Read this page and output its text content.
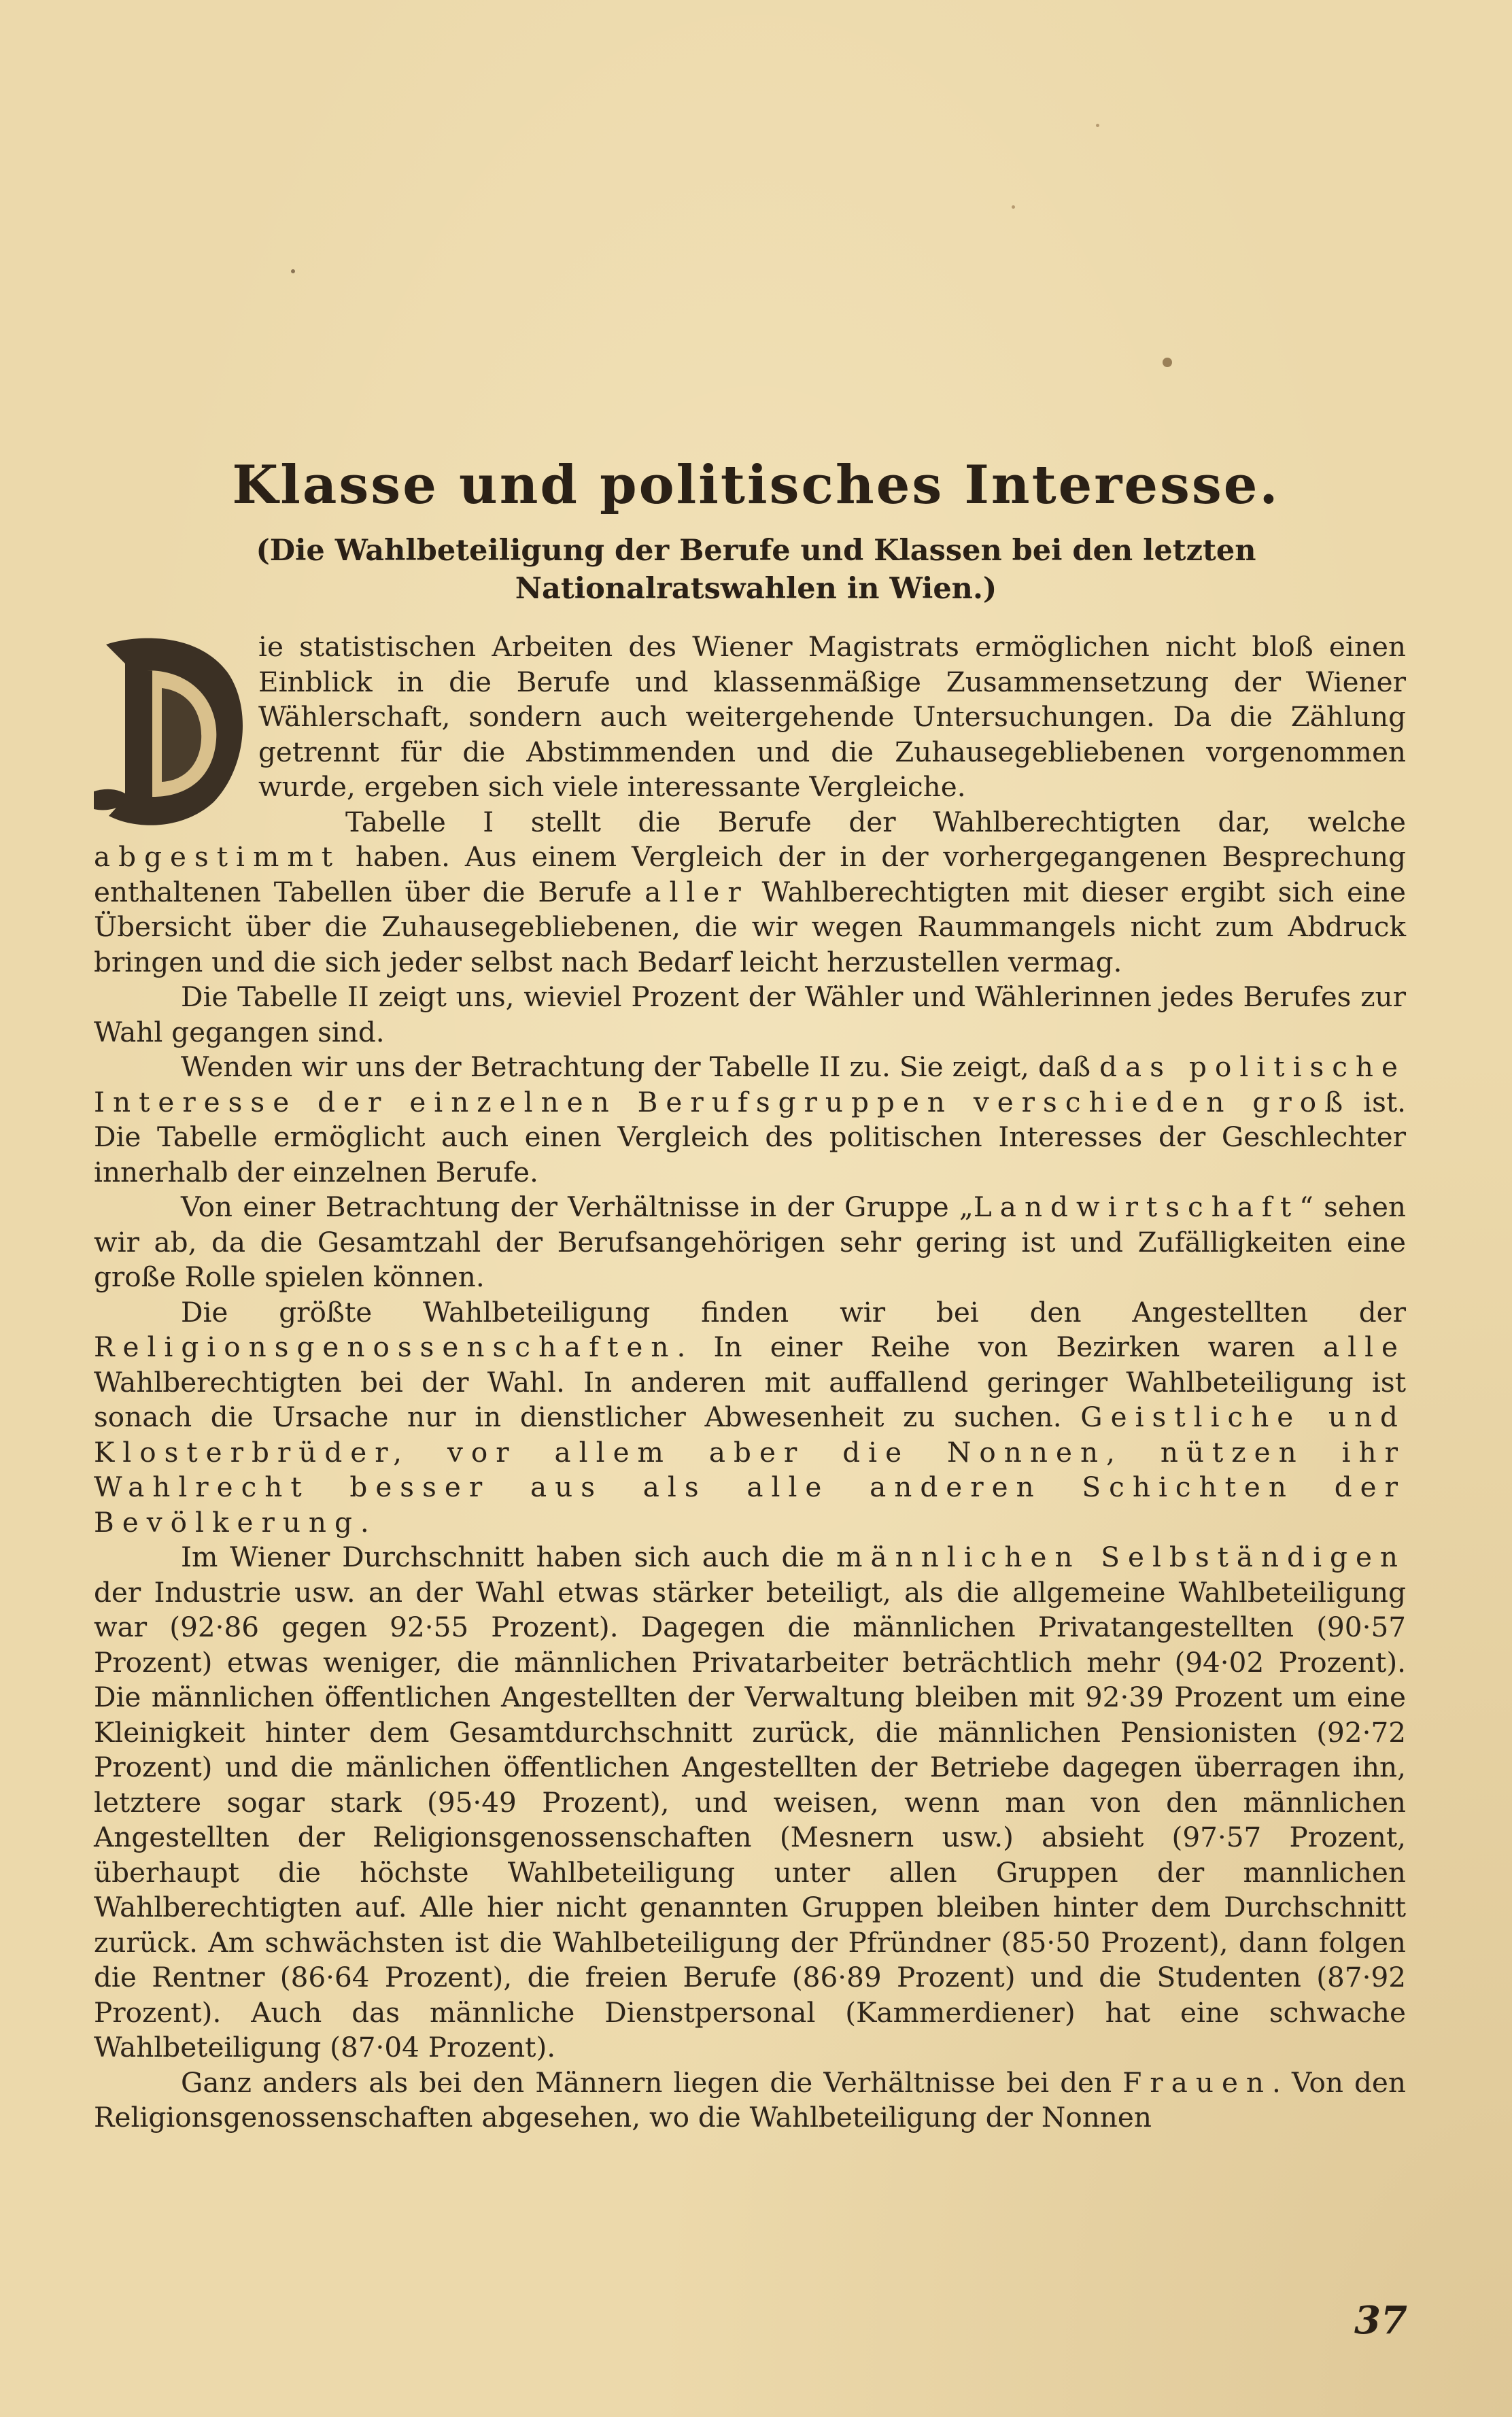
Klasse und politisches Interesse.
(Die Wahlbeteiligung der Berufe und Klassen bei den letzten Nationalratswahlen in Wien.)

ie statistischen Arbeiten des Wiener Magistrats ermöglichen nicht bloß einen Einblick in die Berufe und klassenmäßige Zusammensetzung der Wiener Wählerschaft, sondern auch weitergehende Untersuchungen. Da die Zählung getrennt für die Abstimmenden und die Zuhausegebliebenen vorgenommen wurde, ergeben sich viele interessante Vergleiche.

Tabelle I stellt die Berufe der Wahlberechtigten dar, welche abgestimmt haben. Aus einem Vergleich der in der vorhergegangenen Besprechung enthaltenen Tabellen über die Berufe aller Wahlberechtigten mit dieser ergibt sich eine Übersicht über die Zuhausegebliebenen, die wir wegen Raummangels nicht zum Abdruck bringen und die sich jeder selbst nach Bedarf leicht herzustellen vermag.

Die Tabelle II zeigt uns, wieviel Prozent der Wähler und Wählerinnen jedes Berufes zur Wahl gegangen sind.

Wenden wir uns der Betrachtung der Tabelle II zu. Sie zeigt, daß das politische Interesse der einzelnen Berufsgruppen verschieden groß ist. Die Tabelle ermöglicht auch einen Vergleich des politischen Interesses der Geschlechter innerhalb der einzelnen Berufe.

Von einer Betrachtung der Verhältnisse in der Gruppe „Landwirtschaft“ sehen wir ab, da die Gesamtzahl der Berufsangehörigen sehr gering ist und Zufälligkeiten eine große Rolle spielen können.

Die größte Wahlbeteiligung finden wir bei den Angestellten der Religionsgenossenschaften. In einer Reihe von Bezirken waren alle Wahlberechtigten bei der Wahl. In anderen mit auffallend geringer Wahlbeteiligung ist sonach die Ursache nur in dienstlicher Abwesenheit zu suchen. Geistliche und Klosterbrüder, vor allem aber die Nonnen, nützen ihr Wahlrecht besser aus als alle anderen Schichten der Bevölkerung.

Im Wiener Durchschnitt haben sich auch die männlichen Selbständigen der Industrie usw. an der Wahl etwas stärker beteiligt, als die allgemeine Wahlbeteiligung war (92·86 gegen 92·55 Prozent). Dagegen die männlichen Privatangestellten (90·57 Prozent) etwas weniger, die männlichen Privatarbeiter beträchtlich mehr (94·02 Prozent). Die männlichen öffentlichen Angestellten der Verwaltung bleiben mit 92·39 Prozent um eine Kleinigkeit hinter dem Gesamtdurchschnitt zurück, die männlichen Pensionisten (92·72 Prozent) und die mänlichen öffentlichen Angestellten der Betriebe dagegen überragen ihn, letztere sogar stark (95·49 Prozent), und weisen, wenn man von den männlichen Angestellten der Religionsgenossenschaften (Mesnern usw.) absieht (97·57 Prozent, überhaupt die höchste Wahlbeteiligung unter allen Gruppen der mannlichen Wahlberechtigten auf. Alle hier nicht genannten Gruppen bleiben hinter dem Durchschnitt zurück. Am schwächsten ist die Wahlbeteiligung der Pfründner (85·50 Prozent), dann folgen die Rentner (86·64 Prozent), die freien Berufe (86·89 Prozent) und die Studenten (87·92 Prozent). Auch das männliche Dienstpersonal (Kammerdiener) hat eine schwache Wahlbeteiligung (87·04 Prozent).

Ganz anders als bei den Männern liegen die Verhältnisse bei den Frauen. Von den Religionsgenossenschaften abgesehen, wo die Wahlbeteiligung der Nonnen

37
